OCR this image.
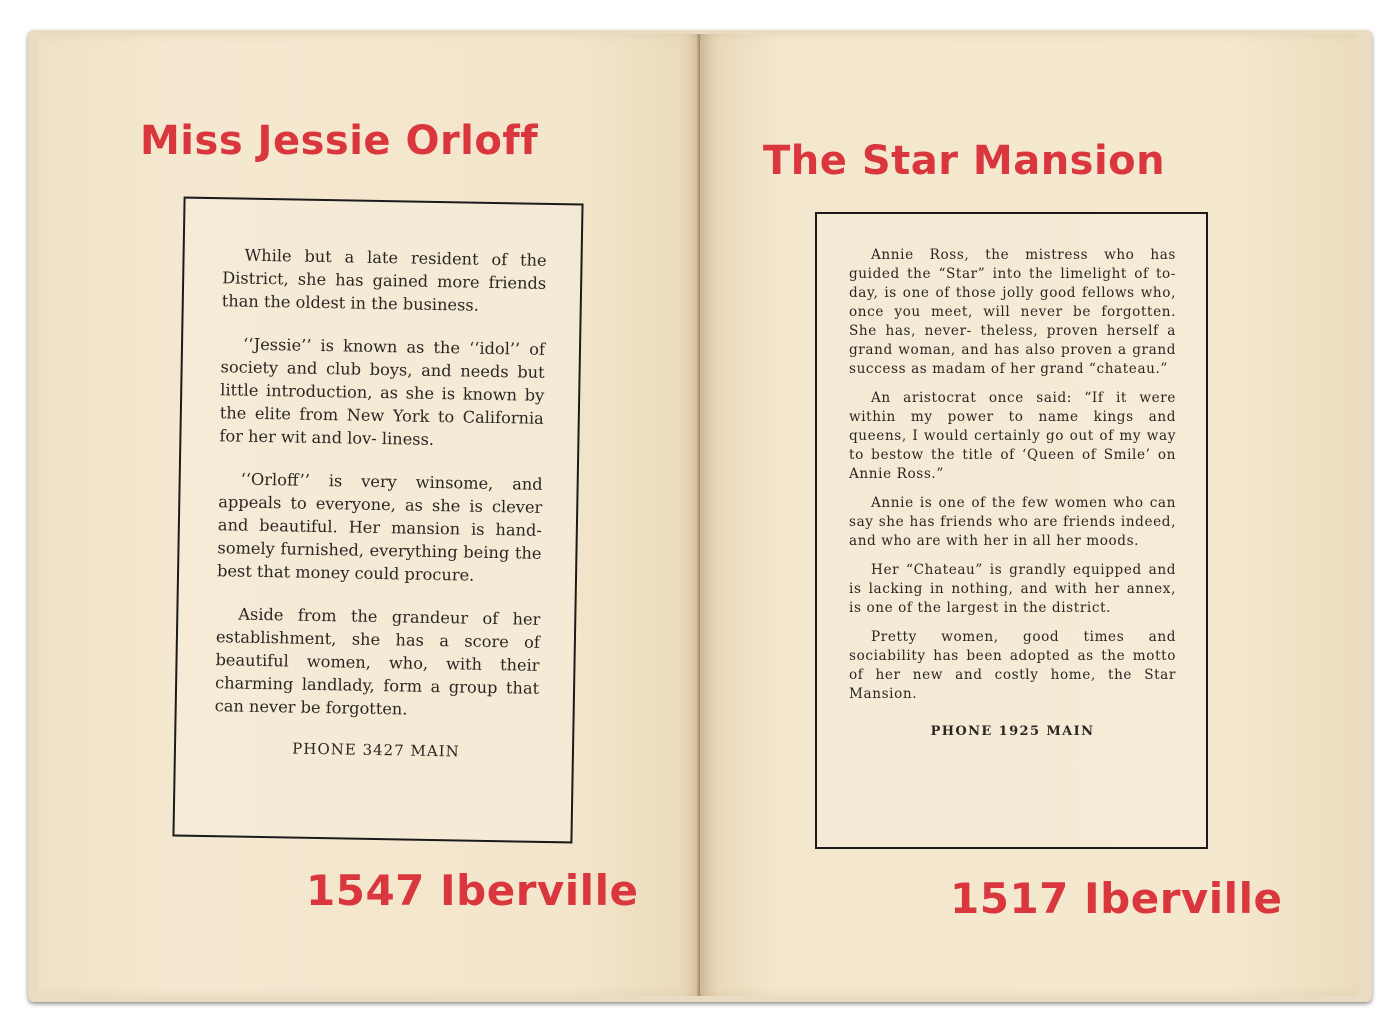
Miss Jessie Orloff

While but a late resident of the District, she has gained more friends than the oldest in the business.

‘‘Jessie’’ is known as the ‘‘idol’’ of society and club boys, and needs but little introduction, as she is known by the elite from New York to California for her wit and lov- liness.

‘‘Orloff’’ is very winsome, and appeals to everyone, as she is clever and beautiful. Her mansion is hand- somely furnished, everything being the best that money could procure.

Aside from the grandeur of her establishment, she has a score of beautiful women, who, with their charming landlady, form a group that can never be forgotten.

PHONE 3427 MAIN
1547 Iberville
The Star Mansion

Annie Ross, the mistress who has guided the “Star” into the limelight of to-day, is one of those jolly good fellows who, once you meet, will never be forgotten. She has, never- theless, proven herself a grand woman, and has also proven a grand success as madam of her grand “chateau.”

An aristocrat once said: “If it were within my power to name kings and queens, I would certainly go out of my way to bestow the title of ‘Queen of Smile’ on Annie Ross.”

Annie is one of the few women who can say she has friends who are friends indeed, and who are with her in all her moods.

Her “Chateau” is grandly equipped and is lacking in nothing, and with her annex, is one of the largest in the district.

Pretty women, good times and sociability has been adopted as the motto of her new and costly home, the Star Mansion.

PHONE 1925 MAIN
1517 Iberville
